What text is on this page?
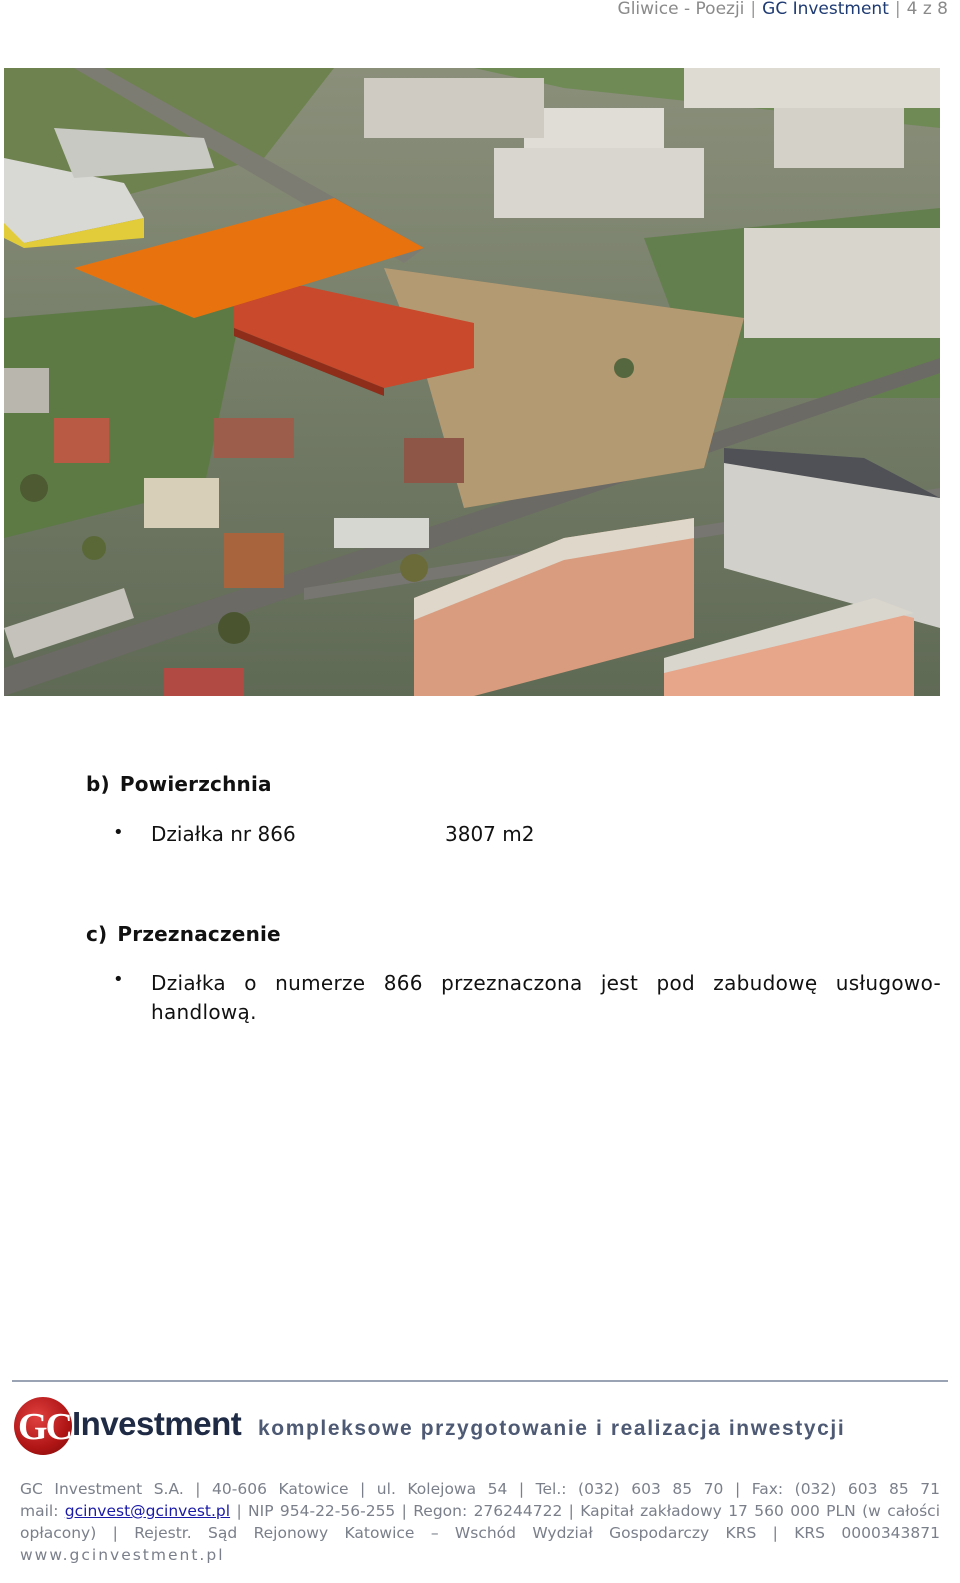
Gliwice - Poezji | GC Investment | 4 z 8
b) Powierzchnia
Działka nr 866	3807 m2
c) Przeznaczenie
• Działka o numerze 866 przeznaczona jest pod zabudowę usługowo-handlową.
GC Investment kompleksowe przygotowanie i realizacja inwestycji
GC Investment S.A. | 40-606 Katowice | ul. Kolejowa 54 | Tel.: (032) 603 85 70 | Fax: (032) 603 85 71
mail: gcinvest@gcinvest.pl | NIP 954-22-56-255 | Regon: 276244722 | Kapitał zakładowy 17 560 000 PLN (w całości
opłacony) | Rejestr. Sąd Rejonowy Katowice – Wschód Wydział Gospodarczy KRS | KRS 0000343871
www.gcinvestment.pl
